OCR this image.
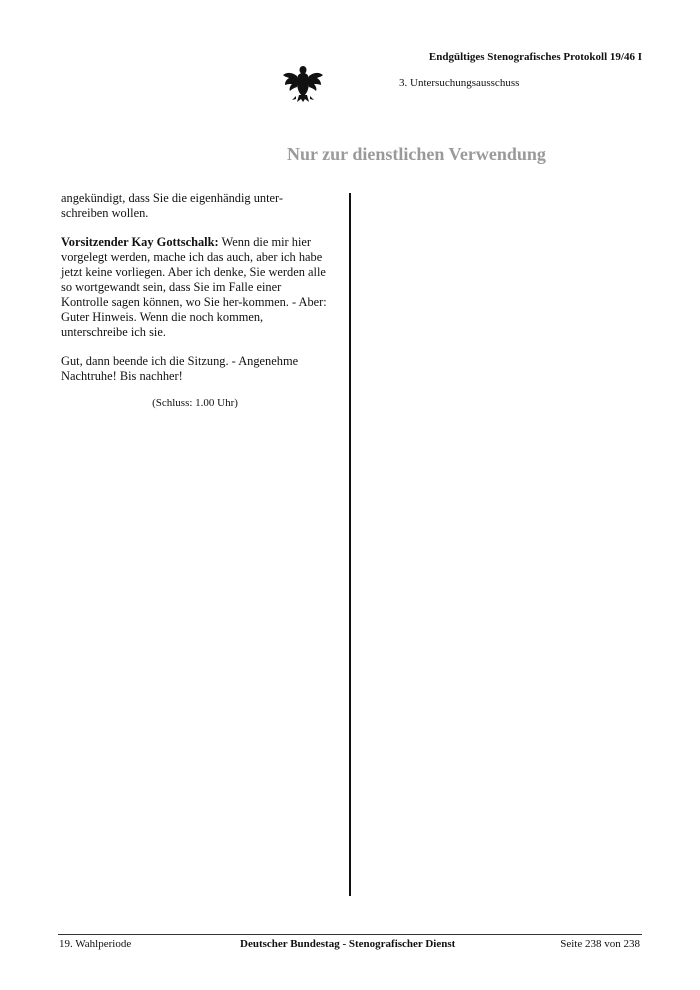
Endgültiges Stenografisches Protokoll 19/46 I
3. Untersuchungsausschuss
Nur zur dienstlichen Verwendung

angekündigt, dass Sie die eigenhändig unter-schreiben wollen.

Vorsitzender Kay Gottschalk: Wenn die mir hier vorgelegt werden, mache ich das auch, aber ich habe jetzt keine vorliegen. Aber ich denke, Sie werden alle so wortgewandt sein, dass Sie im Falle einer Kontrolle sagen können, wo Sie her-kommen. - Aber: Guter Hinweis. Wenn die noch kommen, unterschreibe ich sie.

Gut, dann beende ich die Sitzung. - Angenehme Nachtruhe! Bis nachher!

(Schluss: 1.00 Uhr)
19. Wahlperiode	Deutscher Bundestag - Stenografischer Dienst	Seite 238 von 238
